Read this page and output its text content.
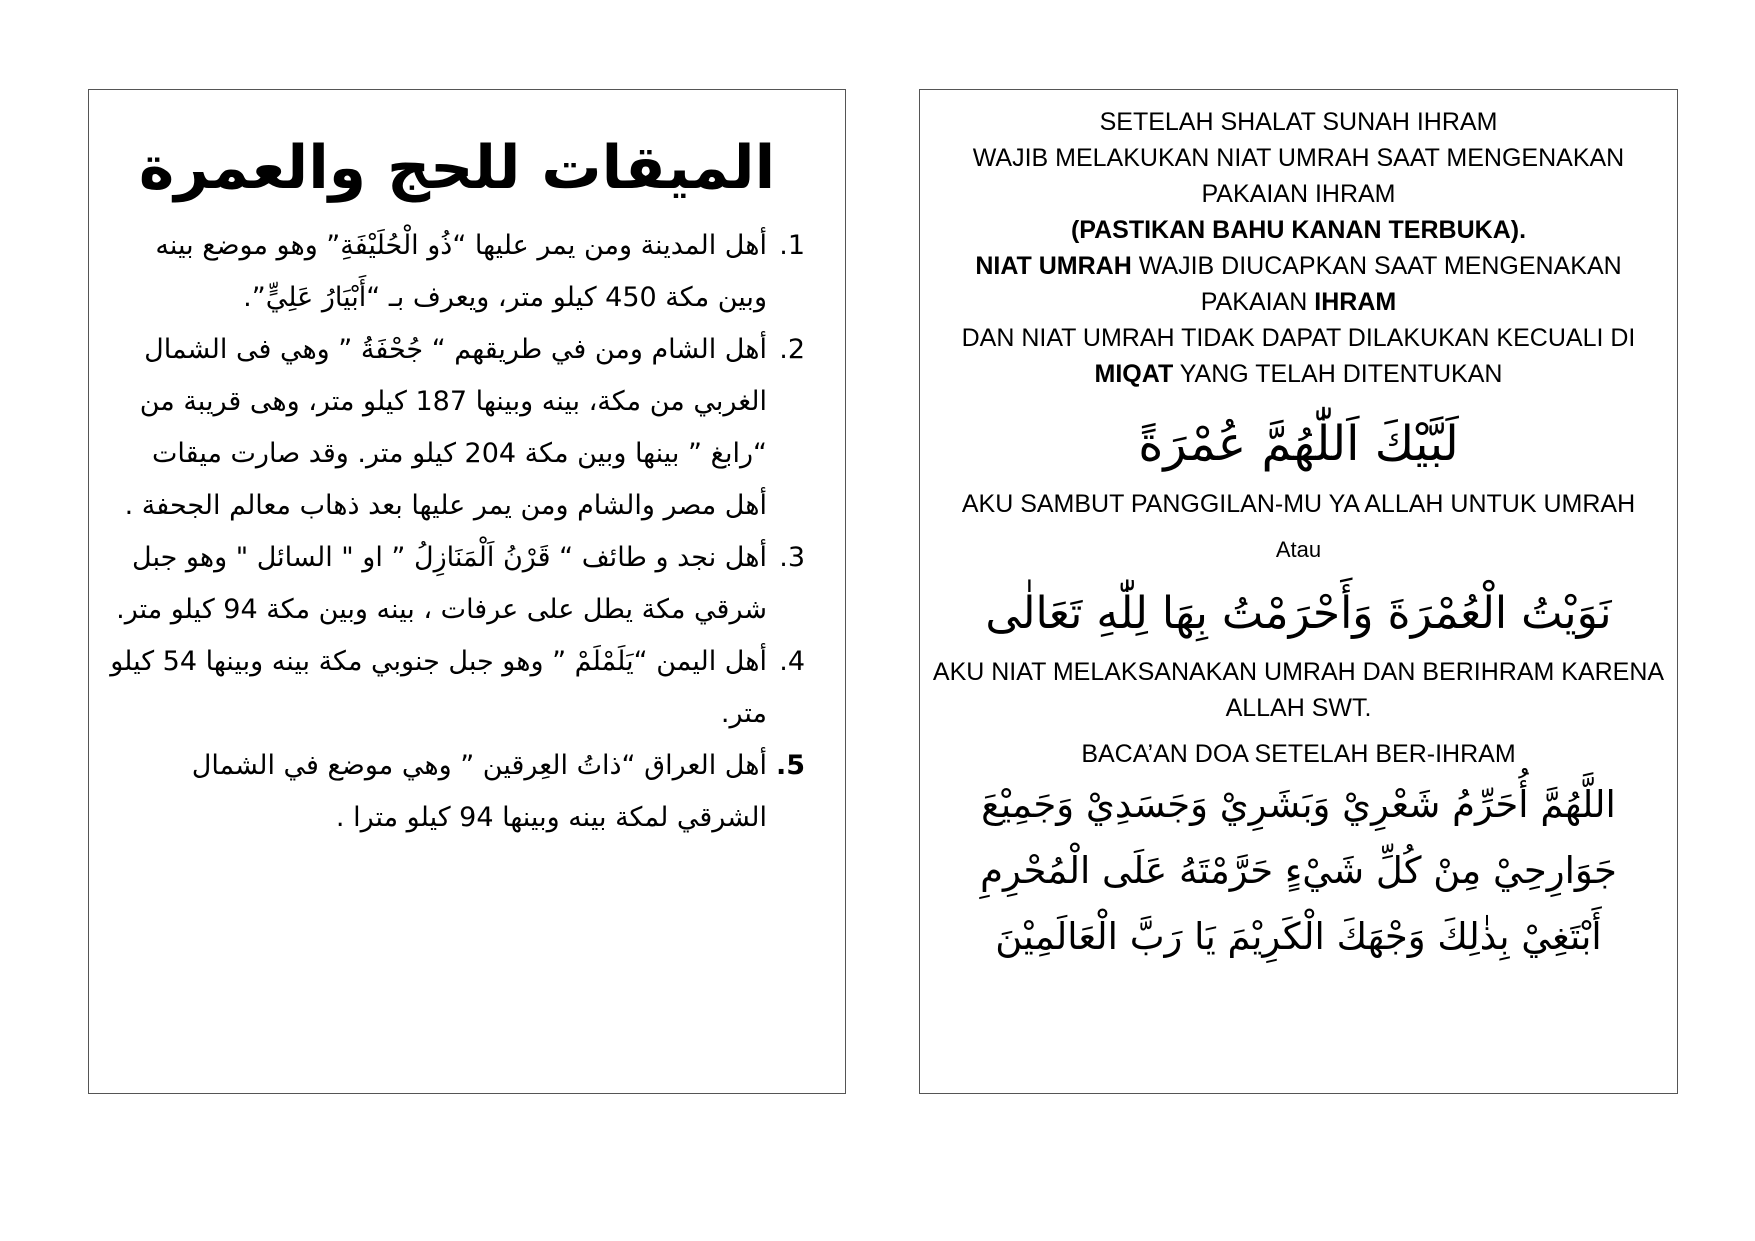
الميقات للحج والعمرة
1.
أهل المدينة ومن يمر عليها “ذُو الْحُلَيْفَةِ” وهو موضع بينه وبين مكة 450 كيلو متر، ويعرف بـ “أَبْيَارُ عَلِيٍّ”.
2.
أهل الشام ومن في طريقهم “ جُحْفَةُ ” وهي فى الشمال الغربي من مكة، بينه وبينها 187 كيلو متر، وهى قريبة من “رابغ ” بينها وبين مكة 204 كيلو متر. وقد صارت ميقات أهل مصر والشام ومن يمر عليها بعد ذهاب معالم الجحفة .
3.
أهل نجد و طائف “ قَرْنُ اَلْمَنَازِلُ ” او " السائل " وهو جبل شرقي مكة يطل على عرفات ، بينه وبين مكة 94 كيلو متر.
4.
أهل اليمن “يَلَمْلَمْ ” وهو جبل جنوبي مكة بينه وبينها 54 كيلو متر.
5.
أهل العراق “ذاتُ العِرقين ” وهي موضع في الشمال الشرقي لمكة بينه وبينها 94 كيلو مترا .
SETELAH SHALAT SUNAH IHRAM
WAJIB MELAKUKAN NIAT UMRAH SAAT MENGENAKAN PAKAIAN IHRAM
(PASTIKAN BAHU KANAN TERBUKA).
NIAT UMRAH WAJIB DIUCAPKAN SAAT MENGENAKAN PAKAIAN IHRAM
DAN NIAT UMRAH TIDAK DAPAT DILAKUKAN KECUALI DI
MIQAT YANG TELAH DITENTUKAN
لَبَّيْكَ اَللّٰهُمَّ عُمْرَةً
AKU SAMBUT PANGGILAN-MU YA ALLAH UNTUK UMRAH
Atau
نَوَيْتُ الْعُمْرَةَ وَأَحْرَمْتُ بِهَا لِلّٰهِ تَعَالٰى
AKU NIAT MELAKSANAKAN UMRAH DAN BERIHRAM KARENA ALLAH SWT.
BACA’AN DOA SETELAH BER-IHRAM
اللَّهُمَّ أُحَرِّمُ شَعْرِيْ وَبَشَرِيْ وَجَسَدِيْ وَجَمِيْعَ
جَوَارِحِيْ مِنْ كُلِّ شَيْءٍ حَرَّمْتَهُ عَلَى الْمُحْرِمِ
أَبْتَغِيْ بِذٰلِكَ وَجْهَكَ الْكَرِيْمَ يَا رَبَّ الْعَالَمِيْنَ
